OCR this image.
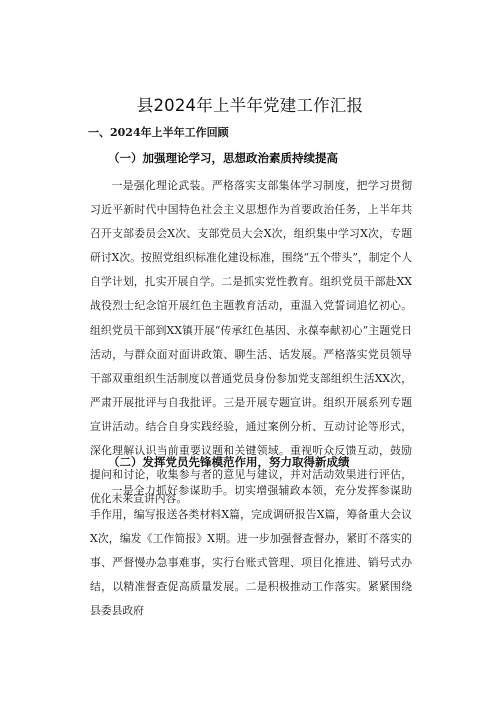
县2024年上半年党建工作汇报
一、2024年上半年工作回顾
（一）加强理论学习，思想政治素质持续提高

一是强化理论武装。严格落实支部集体学习制度，把学习贯彻习近平新时代中国特色社会主义思想作为首要政治任务，上半年共召开支部委员会X次、支部党员大会X次，组织集中学习X次，专题研讨X次。按照党组织标准化建设标准，围绕“五个带头”，制定个人自学计划，扎实开展自学。二是抓实党性教育。组织党员干部赴XX战役烈士纪念馆开展红色主题教育活动，重温入党誓词追忆初心。组织党员干部到XX镇开展“传承红色基因、永葆奉献初心”主题党日活动，与群众面对面讲政策、聊生活、话发展。严格落实党员领导干部双重组织生活制度以普通党员身份参加党支部组织生活XX次，严肃开展批评与自我批评。三是开展专题宣讲。组织开展系列专题宣讲活动。结合自身实践经验，通过案例分析、互动讨论等形式，深化理解认识当前重要议题和关键领域。重视听众反馈互动，鼓励提问和讨论，收集参与者的意见与建议，并对活动效果进行评估，优化未来宣讲内容。

（二）发挥党员先锋模范作用，努力取得新成绩

一是全力抓好参谋助手。切实增强辅政本领，充分发挥参谋助手作用，编写报送各类材料X篇，完成调研报告X篇，筹备重大会议X次，编发《工作简报》X期。进一步加强督查督办，紧盯不落实的事、严督慢办急事难事，实行台账式管理、项目化推进、销号式办结，以精准督查促高质量发展。二是积极推动工作落实。紧紧围绕县委县政府
